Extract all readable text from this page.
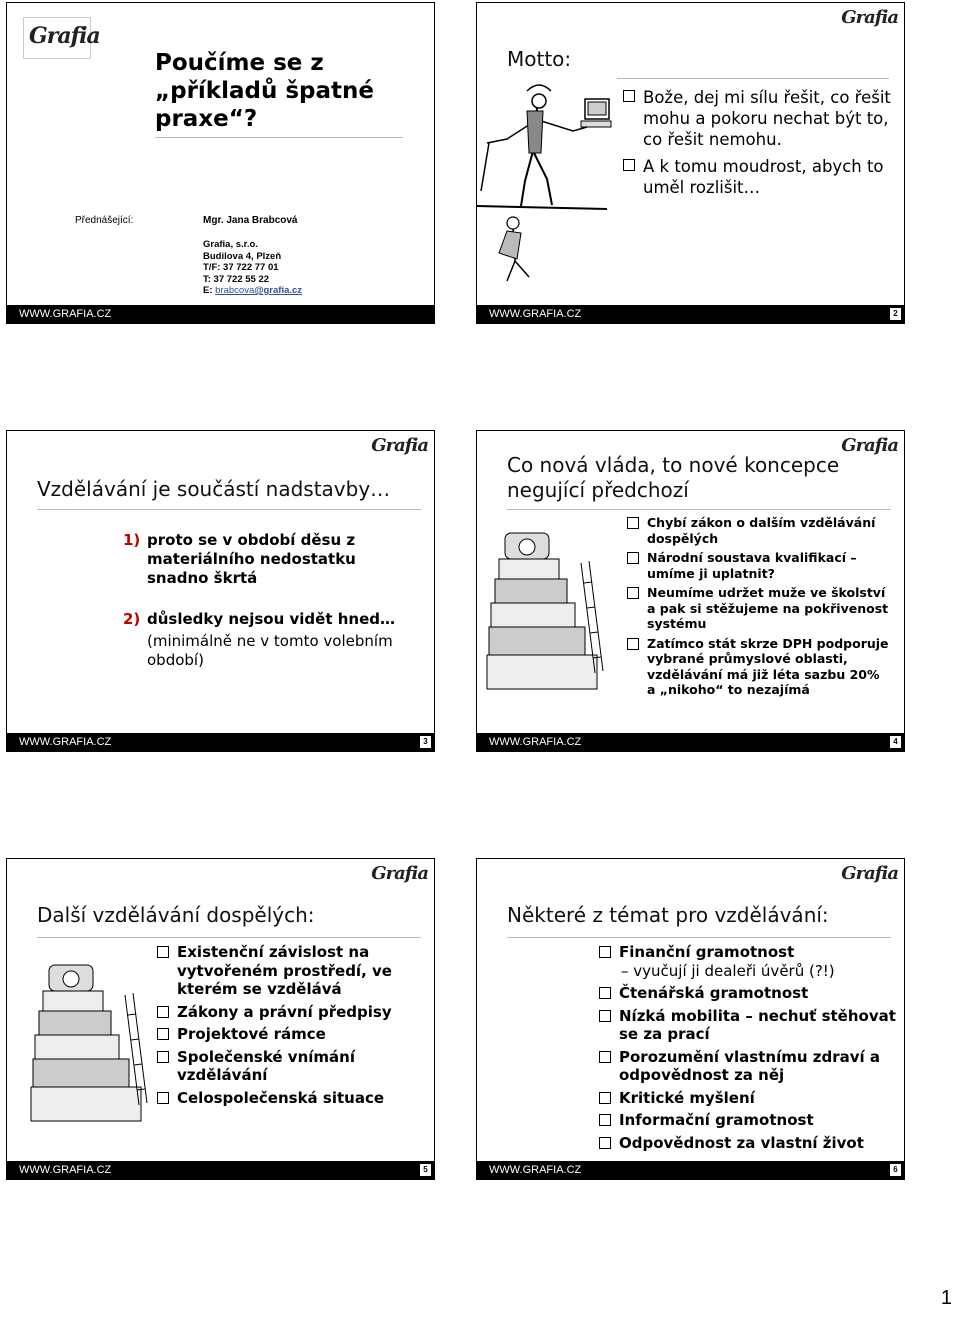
Grafia
Poučíme se z „příkladů špatné praxe“?
Přednášející:	Mgr. Jana Brabcová
Grafia, s.r.o.
Budilova 4, Plzeň
T/F: 37 722 77 01
T: 37 722 55 22
E: brabcova@grafia.cz
WWW.GRAFIA.CZ
Grafia
Motto:
Bože, dej mi sílu řešit, co řešit mohu a pokoru nechat být to, co řešit nemohu.
A k tomu moudrost, abych to uměl rozlišit…
WWW.GRAFIA.CZ	2
Grafia
Vzdělávání je součástí nadstavby…
1) proto se v období děsu z materiálního nedostatku snadno škrtá
2) důsledky nejsou vidět hned…
(minimálně ne v tomto volebním období)
WWW.GRAFIA.CZ	3
Grafia
Co nová vláda, to nové koncepce negující předchozí
Chybí zákon o dalším vzdělávání dospělých
Národní soustava kvalifikací – umíme ji uplatnit?
Neumíme udržet muže ve školství a pak si stěžujeme na pokřivenost systému
Zatímco stát skrze DPH podporuje vybrané průmyslové oblasti, vzdělávání má již léta sazbu 20% a „nikoho“ to nezajímá
WWW.GRAFIA.CZ	4
Grafia
Další vzdělávání dospělých:
Existenční závislost na vytvořeném prostředí, ve kterém se vzdělává
Zákony a právní předpisy
Projektové rámce
Společenské vnímání vzdělávání
Celospolečenská situace
WWW.GRAFIA.CZ	5
Grafia
Některé z témat pro vzdělávání:
Finanční gramotnost
– vyučují ji dealeři úvěrů (?!)
Čtenářská gramotnost
Nízká mobilita – nechuť stěhovat se za prací
Porozumění vlastnímu zdraví a odpovědnost za něj
Kritické myšlení
Informační gramotnost
Odpovědnost za vlastní život
WWW.GRAFIA.CZ	6
1
